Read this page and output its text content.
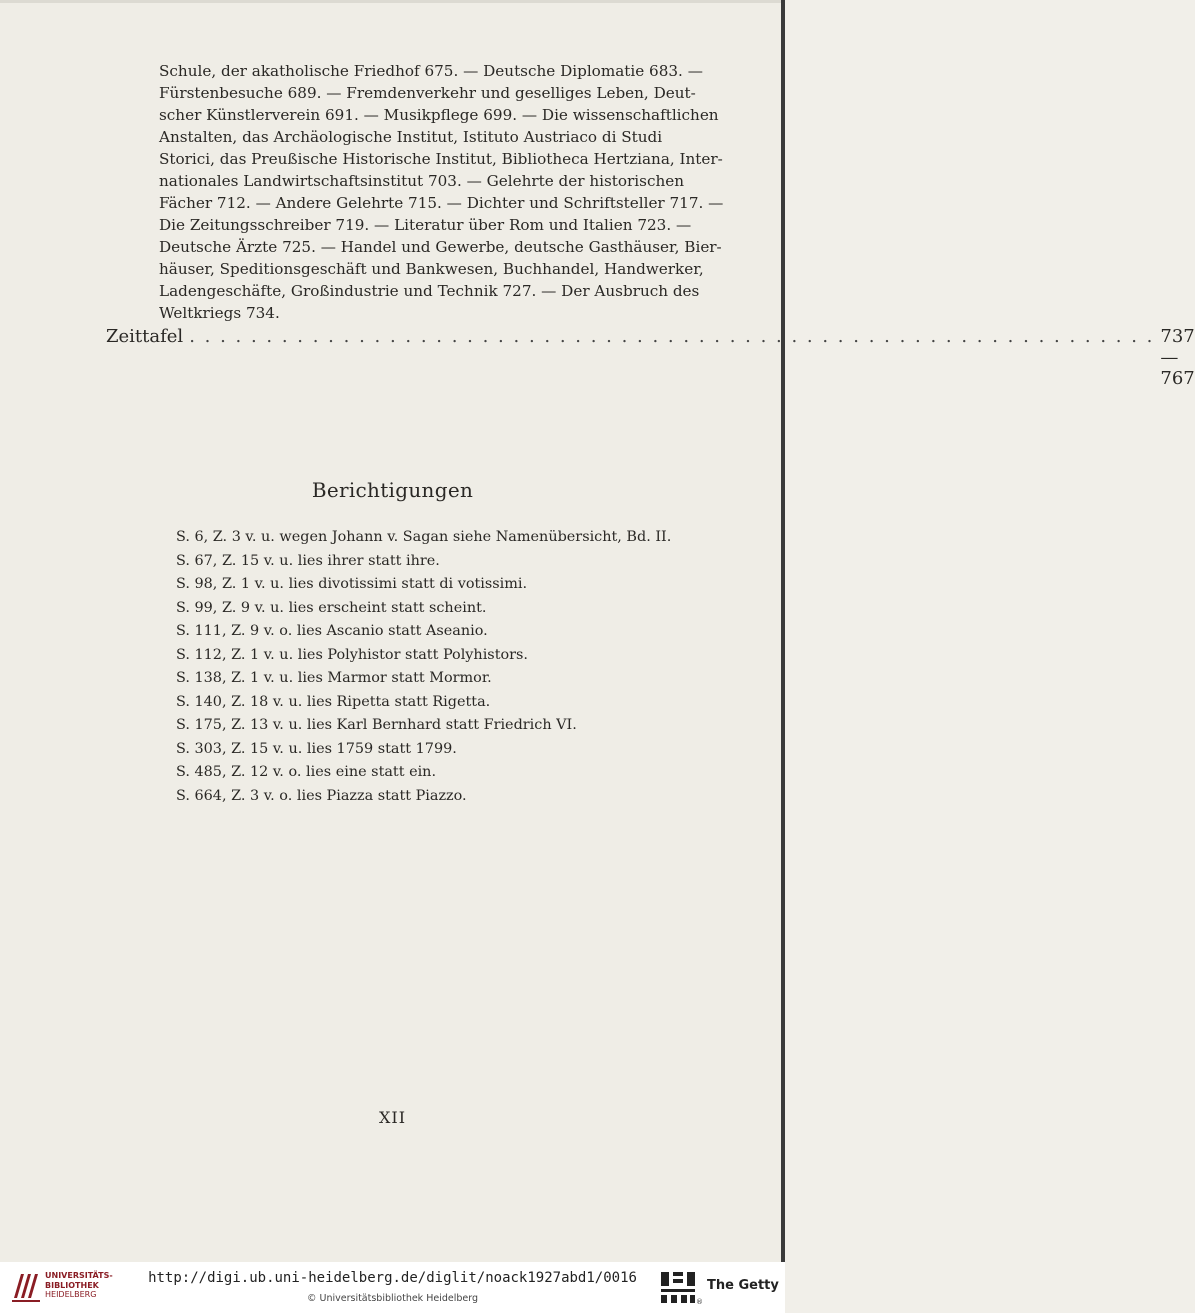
Schule, der akatholische Friedhof 675. — Deutsche Diplomatie 683. —
Fürstenbesuche 689. — Fremdenverkehr und geselliges Leben, Deut-
scher Künstlerverein 691. — Musikpflege 699. — Die wissenschaftlichen
Anstalten, das Archäologische Institut, Istituto Austriaco di Studi
Storici, das Preußische Historische Institut, Bibliotheca Hertziana, Inter-
nationales Landwirtschaftsinstitut 703. — Gelehrte der historischen
Fächer 712. — Andere Gelehrte 715. — Dichter und Schriftsteller 717. —
Die Zeitungsschreiber 719. — Literatur über Rom und Italien 723. —
Deutsche Ärzte 725. — Handel und Gewerbe, deutsche Gasthäuser, Bier-
häuser, Speditionsgeschäft und Bankwesen, Buchhandel, Handwerker,
Ladengeschäfte, Großindustrie und Technik 727. — Der Ausbruch des
Weltkriegs 734.
Zeittafel . . . . . . . . . . . . . . . . . . . . . . . . . . . . . . . . . . . . . . . . . . . . . . . . . . . . . . . . . . . . . . . 737—767
Berichtigungen
S. 6, Z. 3 v. u. wegen Johann v. Sagan siehe Namenübersicht, Bd. II.
S. 67, Z. 15 v. u. lies ihrer statt ihre.
S. 98, Z. 1 v. u. lies divotissimi statt di votissimi.
S. 99, Z. 9 v. u. lies erscheint statt scheint.
S. 111, Z. 9 v. o. lies Ascanio statt Aseanio.
S. 112, Z. 1 v. u. lies Polyhistor statt Polyhistors.
S. 138, Z. 1 v. u. lies Marmor statt Mormor.
S. 140, Z. 18 v. u. lies Ripetta statt Rigetta.
S. 175, Z. 13 v. u. lies Karl Bernhard statt Friedrich VI.
S. 303, Z. 15 v. u. lies 1759 statt 1799.
S. 485, Z. 12 v. o. lies eine statt ein.
S. 664, Z. 3 v. o. lies Piazza statt Piazzo.
XII
UNIVERSITÄTS-
BIBLIOTHEK
HEIDELBERG
http://digi.ub.uni-heidelberg.de/diglit/noack1927abd1/0016
© Universitätsbibliothek Heidelberg	®
The Getty
